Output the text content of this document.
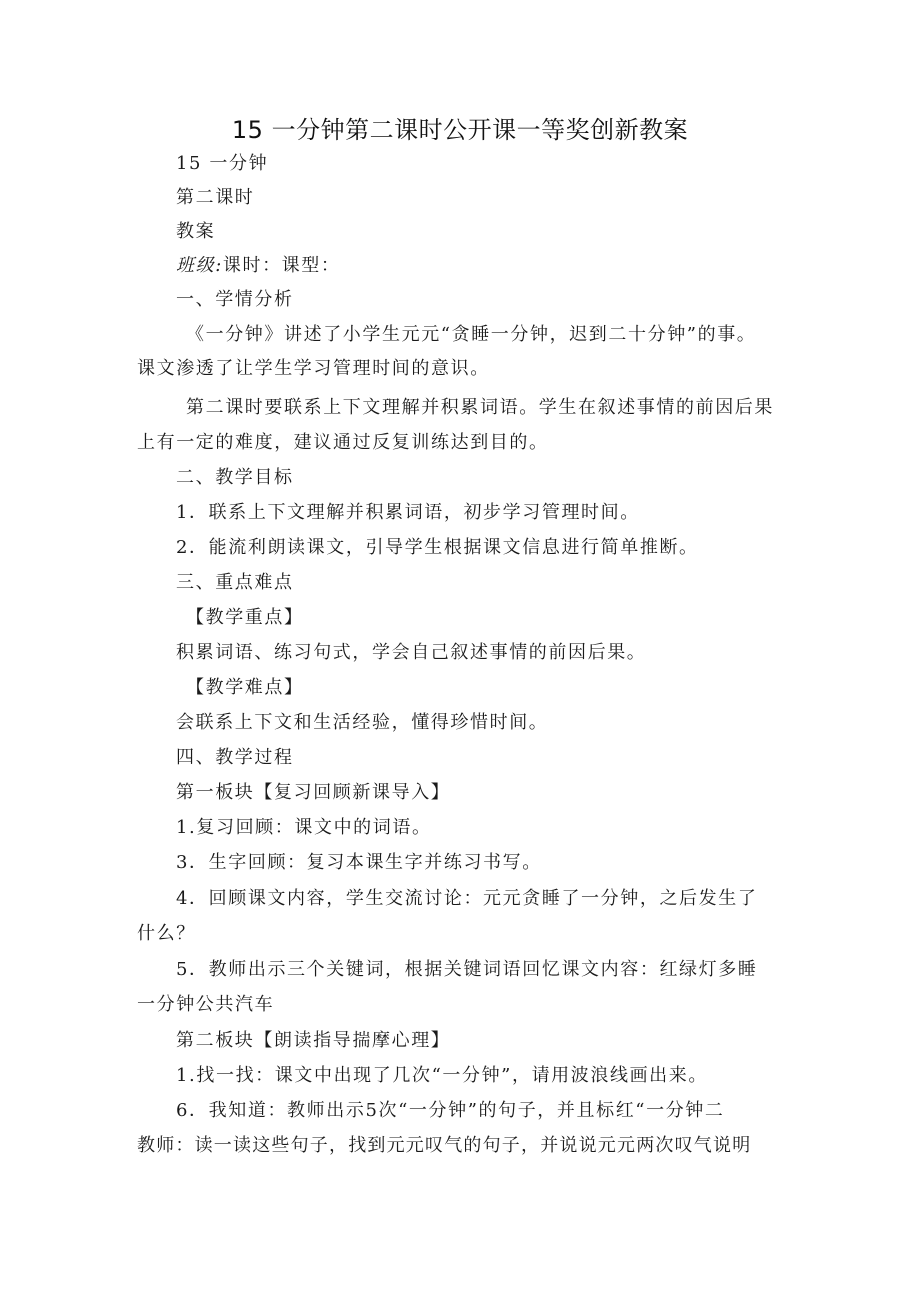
15 一分钟第二课时公开课一等奖创新教案
15 一分钟
第二课时
教案
班级:课时：课型：
一、学情分析
《一分钟》讲述了小学生元元“贪睡一分钟，迟到二十分钟”的事。
课文渗透了让学生学习管理时间的意识。
第二课时要联系上下文理解并积累词语。学生在叙述事情的前因后果
上有一定的难度，建议通过反复训练达到目的。
二、教学目标
1．联系上下文理解并积累词语，初步学习管理时间。
2．能流利朗读课文，引导学生根据课文信息进行简单推断。
三、重点难点
【教学重点】
积累词语、练习句式，学会自己叙述事情的前因后果。
【教学难点】
会联系上下文和生活经验，懂得珍惜时间。
四、教学过程
第一板块【复习回顾新课导入】
1.复习回顾：课文中的词语。
3．生字回顾：复习本课生字并练习书写。
4．回顾课文内容，学生交流讨论：元元贪睡了一分钟，之后发生了
什么？
5．教师出示三个关键词，根据关键词语回忆课文内容：红绿灯多睡
一分钟公共汽车
第二板块【朗读指导揣摩心理】
1.找一找：课文中出现了几次“一分钟”，请用波浪线画出来。
6．我知道：教师出示5次“一分钟”的句子，并且标红“一分钟二
教师：读一读这些句子，找到元元叹气的句子，并说说元元两次叹气说明
